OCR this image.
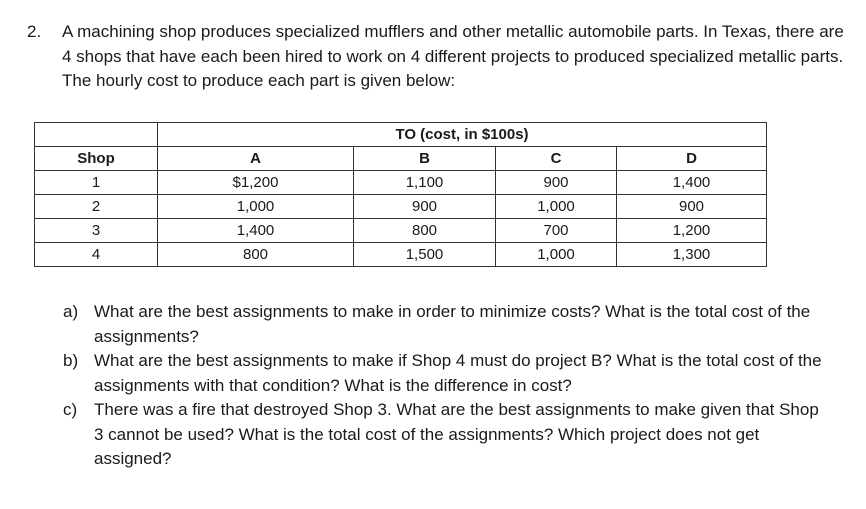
2. A machining shop produces specialized mufflers and other metallic automobile parts. In Texas, there are 4 shops that have each been hired to work on 4 different projects to produced specialized metallic parts. The hourly cost to produce each part is given below:
	TO (cost, in $100s)			
Shop	A	B	C	D
1	$1,200	1,100	900	1,400
2	1,000	900	1,000	900
3	1,400	800	700	1,200
4	800	1,500	1,000	1,300
a) What are the best assignments to make in order to minimize costs? What is the total cost of the assignments?
b) What are the best assignments to make if Shop 4 must do project B? What is the total cost of the assignments with that condition? What is the difference in cost?
c) There was a fire that destroyed Shop 3. What are the best assignments to make given that Shop 3 cannot be used? What is the total cost of the assignments? Which project does not get assigned?
